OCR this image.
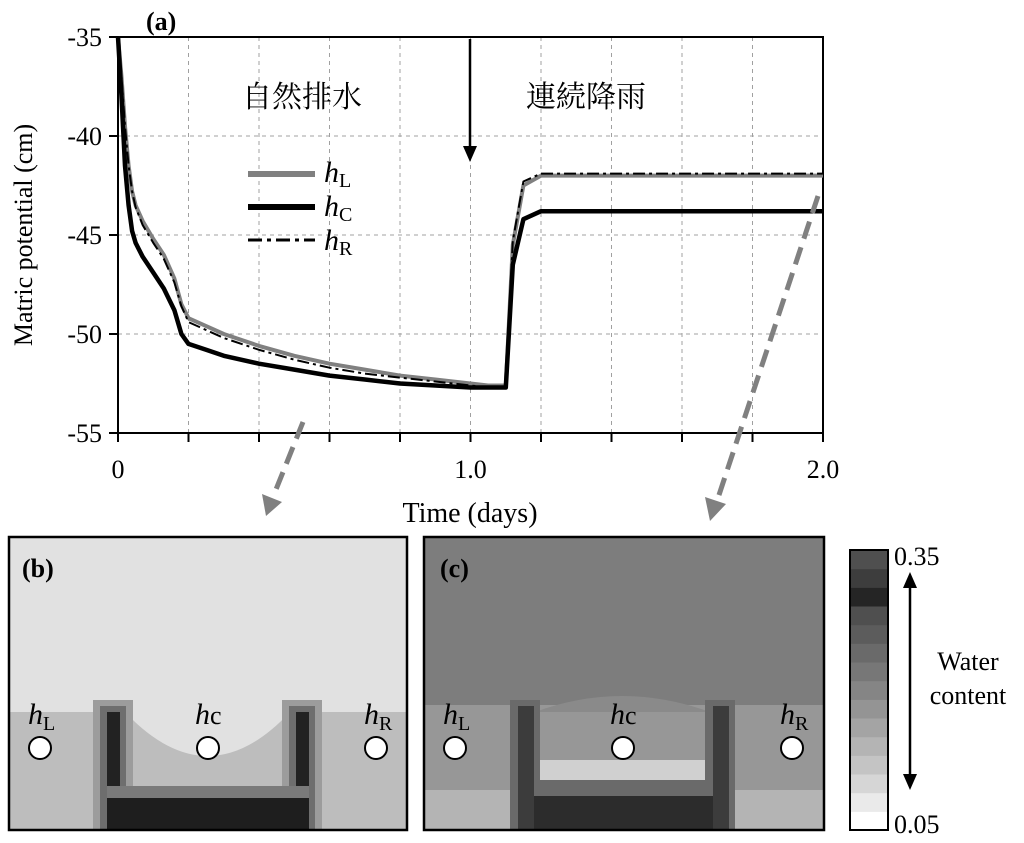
-35
-40
-45
-50
-55
0	1.0	2.0
(a)
Matric potential (cm)
Time (days)
自然排水	連続降雨
hL
hC
hR
(b)
$h_L$	hc	$h_R$
(c)
$h_L$	hc	$h_R$
0.35
0.05
Water
content
